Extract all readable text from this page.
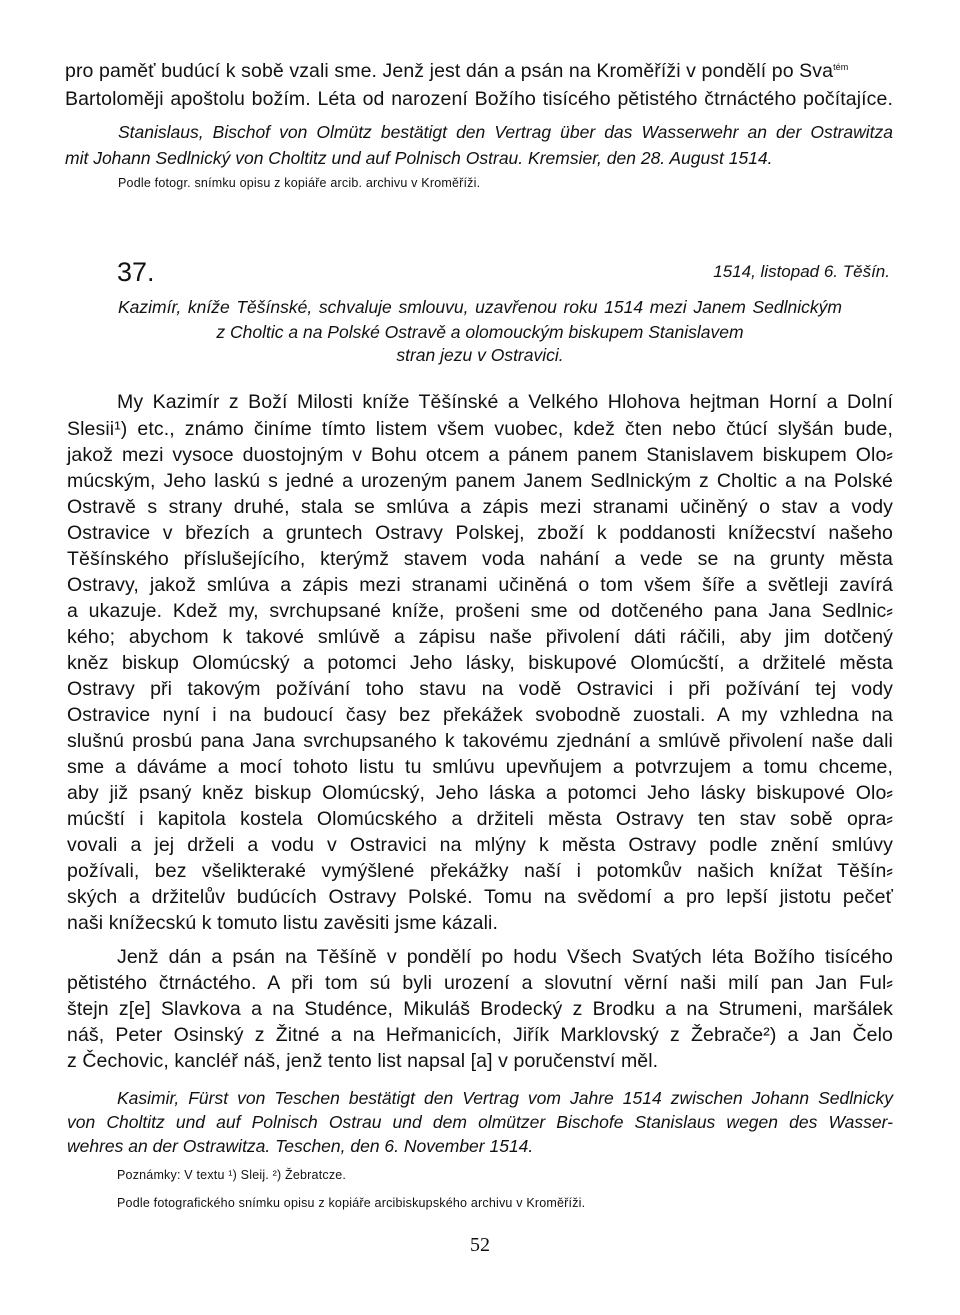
pro paměť budúcí k sobě vzali sme. Jenž jest dán a psán na Kroměříži v pondělí po Sva$^{tém}$
Bartoloměji apoštolu božím. Léta od narození Božího tisícého pětistého čtrnáctého počítajíce.
Stanislaus, Bischof von Olmütz bestätigt den Vertrag über das Wasserwehr an der Ostrawitza
mit Johann Sedlnický von Choltitz und auf Polnisch Ostrau. Kremsier, den 28. August 1514.
Podle fotogr. snímku opisu z kopiáře arcib. archivu v Kroměříži.
37.	1514, listopad 6. Těšín.
Kazimír, kníže Těšínské, schvaluje smlouvu, uzavřenou roku 1514 mezi Janem Sedlnickým
z Choltic a na Polské Ostravě a olomouckým biskupem Stanislavem
stran jezu v Ostravici.
My Kazimír z Boží Milosti kníže Těšínské a Velkého Hlohova hejtman Horní a Dolní
Slesii¹) etc., známo činíme tímto listem všem vuobec, kdež čten nebo čtúcí slyšán bude,
jakož mezi vysoce duostojným v Bohu otcem a pánem panem Stanislavem biskupem Olo⸗
múcským, Jeho laskú s jedné a urozeným panem Janem Sedlnickým z Choltic a na Polské
Ostravě s strany druhé, stala se smlúva a zápis mezi stranami učiněný o stav a vody
Ostravice v březích a gruntech Ostravy Polskej, zboží k poddanosti knížecství našeho
Těšínského příslušejícího, kterýmž stavem voda nahání a vede se na grunty města
Ostravy, jakož smlúva a zápis mezi stranami učiněná o tom všem šíře a světleji zavírá
a ukazuje. Kdež my, svrchupsané kníže, prošeni sme od dotčeného pana Jana Sedlnic⸗
kého; abychom k takové smlúvě a zápisu naše přivolení dáti ráčili, aby jim dotčený
kněz biskup Olomúcský a potomci Jeho lásky, biskupové Olomúcští, a držitelé města
Ostravy při takovým požívání toho stavu na vodě Ostravici i při požívání tej vody
Ostravice nyní i na budoucí časy bez překážek svobodně zuostali. A my vzhledna na
slušnú prosbú pana Jana svrchupsaného k takovému zjednání a smlúvě přivolení naše dali
sme a dáváme a mocí tohoto listu tu smlúvu upevňujem a potvrzujem a tomu chceme,
aby již psaný kněz biskup Olomúcský, Jeho láska a potomci Jeho lásky biskupové Olo⸗
múcští i kapitola kostela Olomúcského a držiteli města Ostravy ten stav sobě opra⸗
vovali a jej drželi a vodu v Ostravici na mlýny k města Ostravy podle znění smlúvy
požívali, bez všelikterаké vymýšlené překážky naší i potomkův našich knížat Těšín⸗
ských a držitelův budúcích Ostravy Polské. Tomu na svědomí a pro lepší jistotu pečeť
naši knížecskú k tomuto listu zavěsiti jsme kázali.
Jenž dán a psán na Těšíně v pondělí po hodu Všech Svatých léta Božího tisícého
pětistého čtrnáctého. A při tom sú byli urození a slovutní věrní naši milí pan Jan Ful⸗
štejn z[e] Slavkova a na Studénce, Mikuláš Brodecký z Brodku a na Strumeni, maršálek
náš, Peter Osinský z Žitné a na Heřmanicích, Jiřík Marklovský z Žebrače²) a Jan Čelo
z Čechovic, kancléř náš, jenž tento list napsal [a] v poručenství měl.
Kasimir, Fürst von Teschen bestätigt den Vertrag vom Jahre 1514 zwischen Johann Sedlnicky
von Choltitz und auf Polnisch Ostrau und dem olmützer Bischofe Stanislaus wegen des Wasser-
wehres an der Ostrawitza. Teschen, den 6. November 1514.
Poznámky: V textu ¹) Sleij. ²) Žebratcze.
Podle fotografického snímku opisu z kopiáře arcibiskupského archivu v Kroměříži.
52
